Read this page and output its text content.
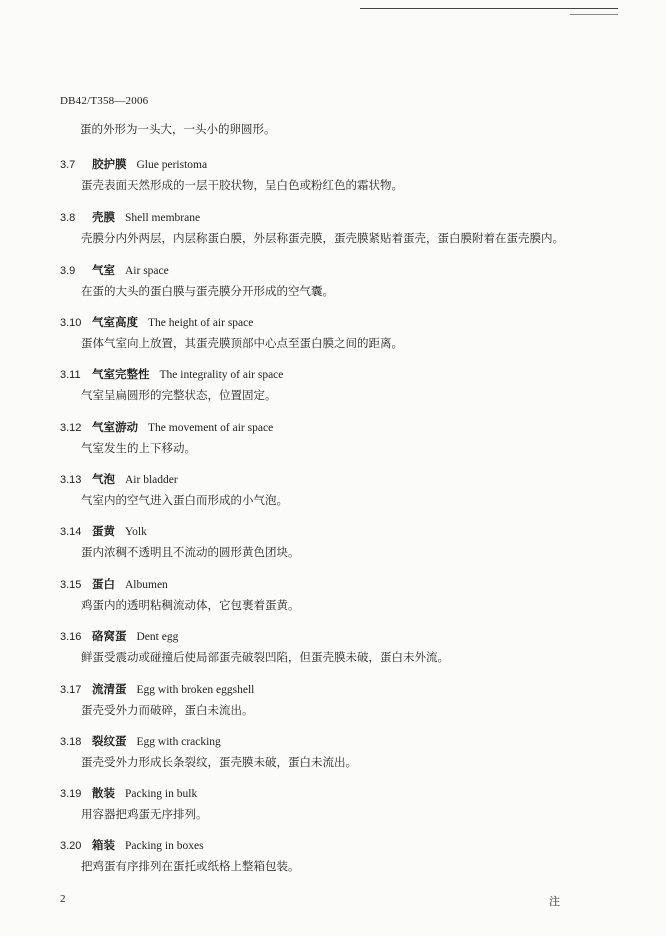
DB42/T358—2006
蛋的外形为一头大，一头小的卵圆形。
3.7	胶护膜 Glue peristoma
蛋壳表面天然形成的一层干胶状物，呈白色或粉红色的霜状物。
3.8	壳膜 Shell membrane
壳膜分内外两层，内层称蛋白膜，外层称蛋壳膜，蛋壳膜紧贴着蛋壳，蛋白膜附着在蛋壳膜内。
3.9	气室 Air space
在蛋的大头的蛋白膜与蛋壳膜分开形成的空气囊。
3.10 气室高度 The height of air space
蛋体气室向上放置，其蛋壳膜顶部中心点至蛋白膜之间的距离。
3.11 气室完整性 The integrality of air space
气室呈扁圆形的完整状态，位置固定。
3.12 气室游动 The movement of air space
气室发生的上下移动。
3.13 气泡 Air bladder
气室内的空气进入蛋白而形成的小气泡。
3.14 蛋黄 Yolk
蛋内浓稠不透明且不流动的圆形黄色团块。
3.15 蛋白 Albumen
鸡蛋内的透明粘稠流动体，它包裹着蛋黄。
3.16 硌窝蛋 Dent egg
鲜蛋受震动或碰撞后使局部蛋壳破裂凹陷，但蛋壳膜未破，蛋白未外流。
3.17 流清蛋 Egg with broken eggshell
蛋壳受外力而破碎，蛋白未流出。
3.18 裂纹蛋 Egg with cracking
蛋壳受外力形成长条裂纹，蛋壳膜未破，蛋白未流出。
3.19 散装 Packing in bulk
用容器把鸡蛋无序排列。
3.20 箱装 Packing in boxes
把鸡蛋有序排列在蛋托或纸格上整箱包装。
2	注
